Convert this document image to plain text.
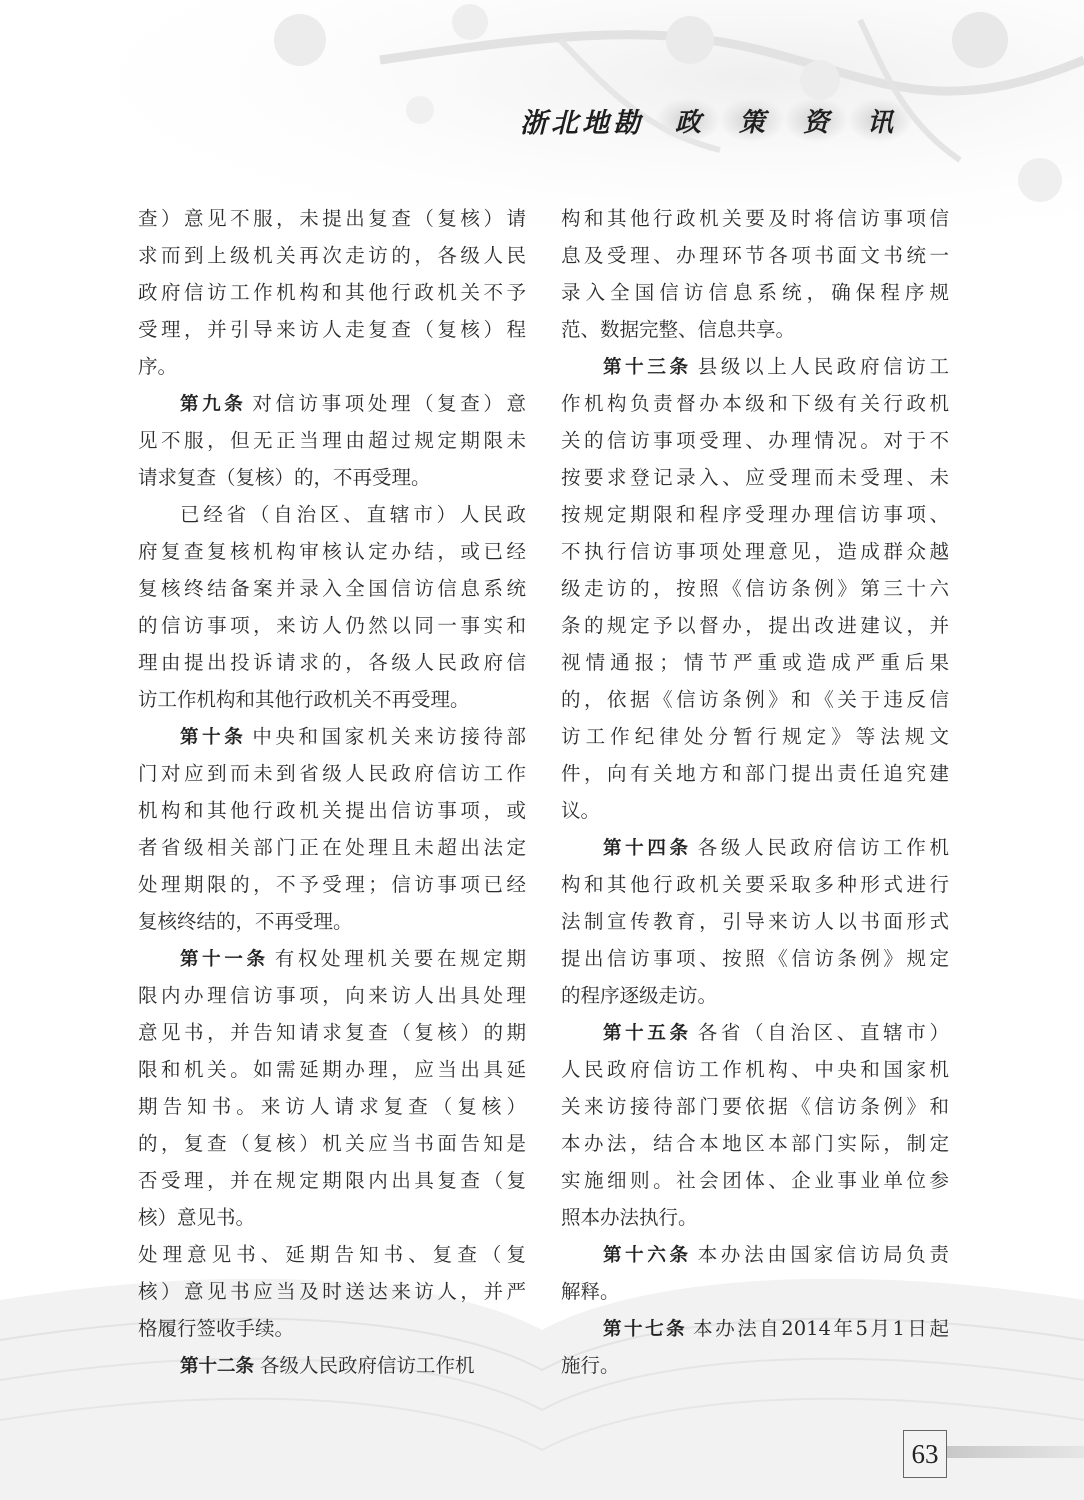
浙北地勘	政	策	资	讯
查）意见不服，未提出复查（复核）请
求而到上级机关再次走访的，各级人民
政府信访工作机构和其他行政机关不予
受理，并引导来访人走复查（复核）程
序。
第九条 对信访事项处理（复查）意
见不服，但无正当理由超过规定期限未
请求复查（复核）的，不再受理。
已经省（自治区、直辖市）人民政
府复查复核机构审核认定办结，或已经
复核终结备案并录入全国信访信息系统
的信访事项，来访人仍然以同一事实和
理由提出投诉请求的，各级人民政府信
访工作机构和其他行政机关不再受理。
第十条 中央和国家机关来访接待部
门对应到而未到省级人民政府信访工作
机构和其他行政机关提出信访事项，或
者省级相关部门正在处理且未超出法定
处理期限的，不予受理；信访事项已经
复核终结的，不再受理。
第十一条 有权处理机关要在规定期
限内办理信访事项，向来访人出具处理
意见书，并告知请求复查（复核）的期
限和机关。如需延期办理，应当出具延
期告知书。来访人请求复查（复核）
的，复查（复核）机关应当书面告知是
否受理，并在规定期限内出具复查（复
核）意见书。
处理意见书、延期告知书、复查（复
核）意见书应当及时送达来访人，并严
格履行签收手续。
第十二条 各级人民政府信访工作机
构和其他行政机关要及时将信访事项信
息及受理、办理环节各项书面文书统一
录入全国信访信息系统，确保程序规
范、数据完整、信息共享。
第十三条 县级以上人民政府信访工
作机构负责督办本级和下级有关行政机
关的信访事项受理、办理情况。对于不
按要求登记录入、应受理而未受理、未
按规定期限和程序受理办理信访事项、
不执行信访事项处理意见，造成群众越
级走访的，按照《信访条例》第三十六
条的规定予以督办，提出改进建议，并
视情通报；情节严重或造成严重后果
的，依据《信访条例》和《关于违反信
访工作纪律处分暂行规定》等法规文
件，向有关地方和部门提出责任追究建
议。
第十四条 各级人民政府信访工作机
构和其他行政机关要采取多种形式进行
法制宣传教育，引导来访人以书面形式
提出信访事项、按照《信访条例》规定
的程序逐级走访。
第十五条 各省（自治区、直辖市）
人民政府信访工作机构、中央和国家机
关来访接待部门要依据《信访条例》和
本办法，结合本地区本部门实际，制定
实施细则。社会团体、企业事业单位参
照本办法执行。
第十六条 本办法由国家信访局负责
解释。
第十七条 本办法自2014年5月1日起
施行。
63
